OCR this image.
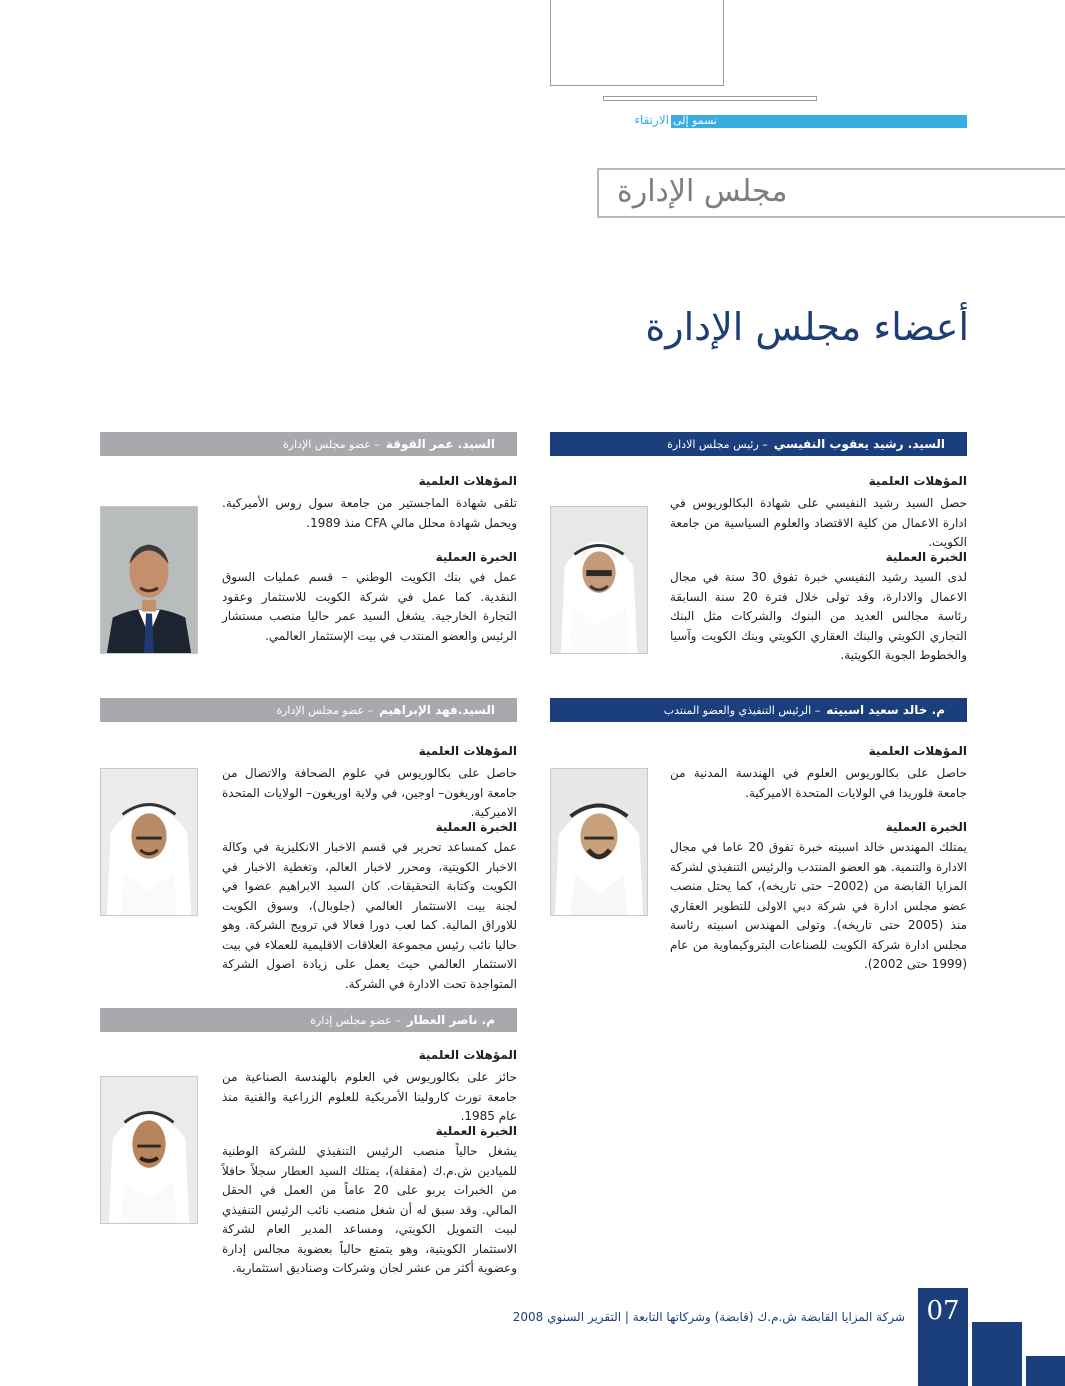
الارتقاء نسمو إلى
مجلس الإدارة
أعضاء مجلس الإدارة
السيد. رشيد يعقوب النفيسي
– رئيس مجلس الادارة
المؤهلات العلمية
حصل السيد رشيد النفيسي على شهادة البكالوريوس في ادارة الاعمال من كلية الاقتصاد والعلوم السياسية من جامعة الكويت.
الخبرة العملية
لدى السيد رشيد النفيسي خبرة تفوق 30 سنة في مجال الاعمال والادارة، وقد تولى خلال فترة 20 سنة السابقة رئاسة مجالس العديد من البنوك والشركات مثل البنك التجاري الكويتي والبنك العقاري الكويتي وبنك الكويت وآسيا والخطوط الجوية الكويتية.
السيد. عمر القوقة
– عضو مجلس الإدارة
المؤهلات العلمية
تلقى شهادة الماجستير من جامعة سول روس الأميركية. ويحمل شهادة محلل مالي CFA منذ 1989.
الخبرة العملية
عمل في بنك الكويت الوطني – قسم عمليات السوق النقدية. كما عمل في شركة الكويت للاستثمار وعقود التجارة الخارجية. يشغل السيد عمر حاليا منصب مستشار الرئيس والعضو المنتدب في بيت الإستثمار العالمي.
م. خالد سعيد اسبيته
– الرئيس التنفيذي والعضو المنتدب
المؤهلات العلمية
حاصل على بكالوريوس العلوم في الهندسة المدنية من جامعة فلوريدا في الولايات المتحدة الاميركية.
الخبرة العملية
يمتلك المهندس خالد اسبيته خبرة تفوق 20 عاما في مجال الادارة والتنمية. هو العضو المنتدب والرئيس التنفيذي لشركة المزايا القابضة من (2002– حتى تاريخه)، كما يحتل منصب عضو مجلس ادارة في شركة دبي الاولى للتطوير العقاري منذ (2005 حتى تاريخه). وتولى المهندس اسبيته رئاسة مجلس ادارة شركة الكويت للصناعات البتروكيماوية من عام (1999 حتى 2002).
السيد.فهد الإبراهيم
– عضو مجلس الإدارة
المؤهلات العلمية
حاصل على بكالوريوس في علوم الصحافة والاتصال من جامعة اوريغون– اوجين، في ولاية اوريغون– الولايات المتحدة الاميركية.
الخبرة العملية
عمل كمساعد تحرير في قسم الاخبار الانكليزية في وكالة الاخبار الكويتية، ومحرر لاخبار العالم، وتغطية الاخبار في الكويت وكتابة التحقيقات. كان السيد الابراهيم عضوا في لجنة بيت الاستثمار العالمي (جلوبال)، وسوق الكويت للاوراق المالية. كما لعب دورا فعالا في ترويج الشركة. وهو حاليا نائب رئيس مجموعة العلاقات الاقليمية للعملاء في بيت الاستثمار العالمي حيث يعمل على زيادة اصول الشركة المتواجدة تحت الادارة في الشركة.
م. ناصر العطار
– عضو مجلس إدارة
المؤهلات العلمية
حائز على بكالوريوس في العلوم بالهندسة الصناعية من جامعة نورث كارولينا الأمريكية للعلوم الزراعية والفنية منذ عام 1985.
الخبرة العملية
يشغل حالياً منصب الرئيس التنفيذي للشركة الوطنية للميادين ش.م.ك (مقفلة)، يمتلك السيد العطار سجلاً حافلاً من الخبرات يربو على 20 عاماً من العمل في الحقل المالي. وقد سبق له أن شغل منصب نائب الرئيس التنفيذي لبيت التمويل الكويتي، ومساعد المدير العام لشركة الاستثمار الكويتية، وهو يتمتع حالياً بعضوية مجالس إدارة وعضوية أكثر من عشر لجان وشركات وصناديق استثمارية.
شركة المزايا القابضة ش.م.ك (قابضة) وشركاتها التابعة | التقرير السنوي 2008 07
